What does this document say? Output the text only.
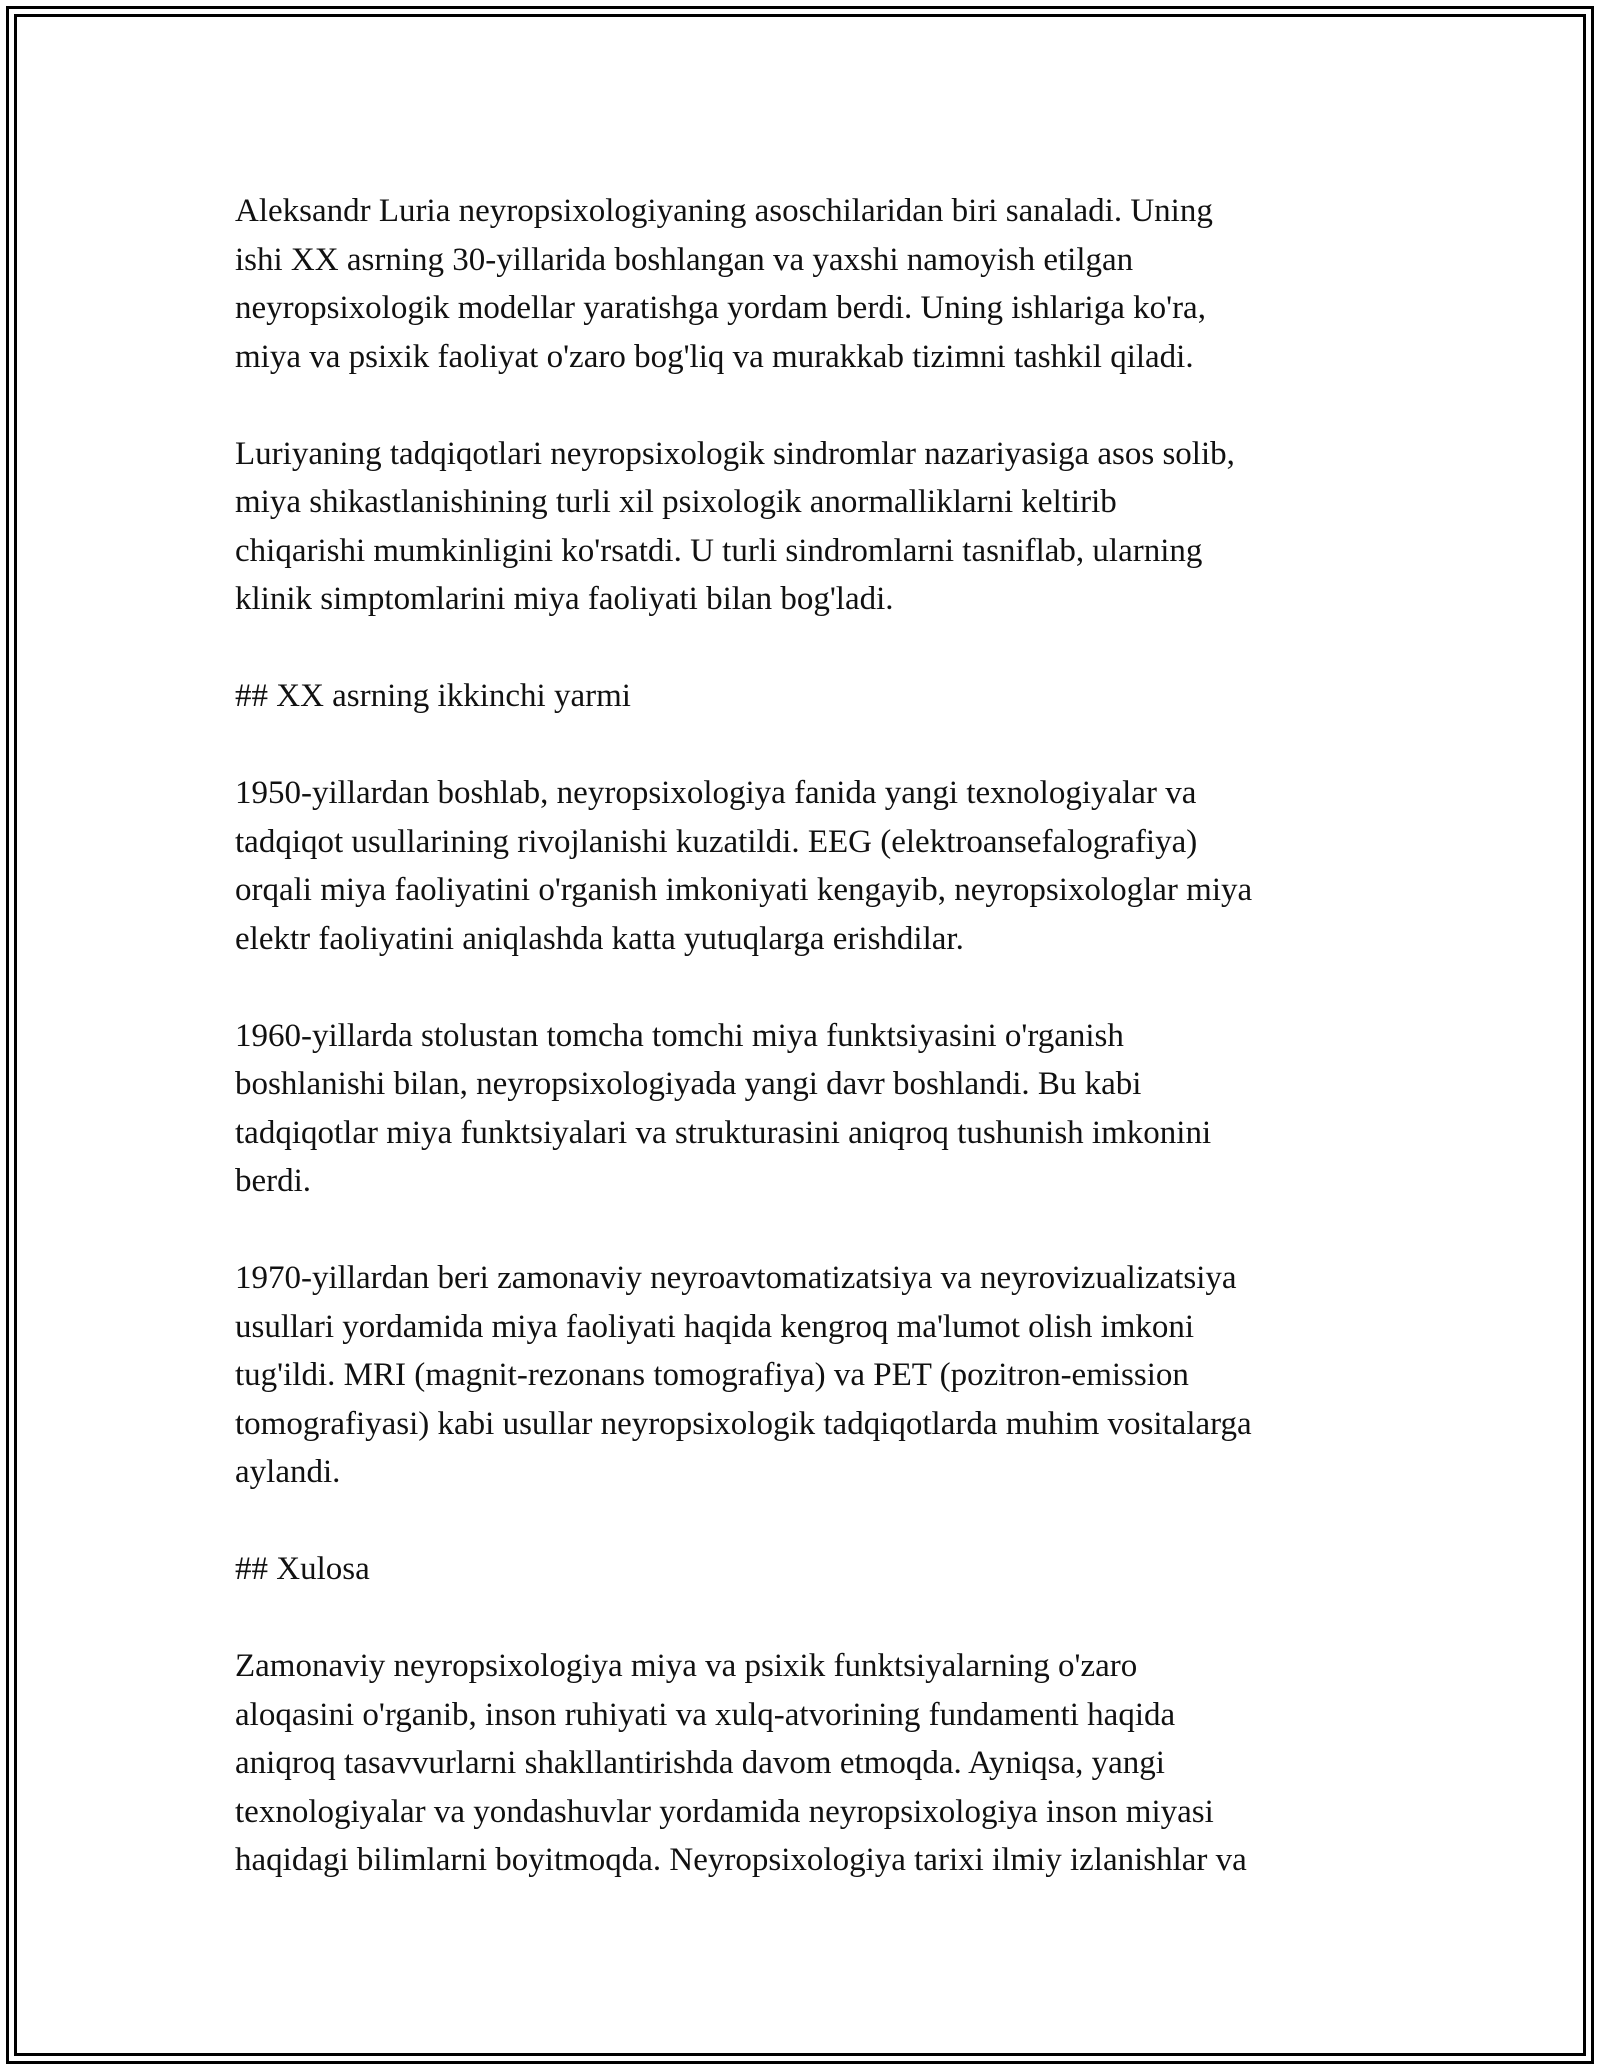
Aleksandr Luria neyropsixologiyaning asoschilaridan biri sanaladi. Uning
ishi XX asrning 30-yillarida boshlangan va yaxshi namoyish etilgan
neyropsixologik modellar yaratishga yordam berdi. Uning ishlariga ko'ra,
miya va psixik faoliyat o'zaro bog'liq va murakkab tizimni tashkil qiladi.

Luriyaning tadqiqotlari neyropsixologik sindromlar nazariyasiga asos solib,
miya shikastlanishining turli xil psixologik anormalliklarni keltirib
chiqarishi mumkinligini ko'rsatdi. U turli sindromlarni tasniflab, ularning
klinik simptomlarini miya faoliyati bilan bog'ladi.

## XX asrning ikkinchi yarmi

1950-yillardan boshlab, neyropsixologiya fanida yangi texnologiyalar va
tadqiqot usullarining rivojlanishi kuzatildi. EEG (elektroansefalografiya)
orqali miya faoliyatini o'rganish imkoniyati kengayib, neyropsixologlar miya
elektr faoliyatini aniqlashda katta yutuqlarga erishdilar.

1960-yillarda stolustan tomcha tomchi miya funktsiyasini o'rganish
boshlanishi bilan, neyropsixologiyada yangi davr boshlandi. Bu kabi
tadqiqotlar miya funktsiyalari va strukturasini aniqroq tushunish imkonini
berdi.

1970-yillardan beri zamonaviy neyroavtomatizatsiya va neyrovizualizatsiya
usullari yordamida miya faoliyati haqida kengroq ma'lumot olish imkoni
tug'ildi. MRI (magnit-rezonans tomografiya) va PET (pozitron-emission
tomografiyasi) kabi usullar neyropsixologik tadqiqotlarda muhim vositalarga
aylandi.

## Xulosa

Zamonaviy neyropsixologiya miya va psixik funktsiyalarning o'zaro
aloqasini o'rganib, inson ruhiyati va xulq-atvorining fundamenti haqida
aniqroq tasavvurlarni shakllantirishda davom etmoqda. Ayniqsa, yangi
texnologiyalar va yondashuvlar yordamida neyropsixologiya inson miyasi
haqidagi bilimlarni boyitmoqda. Neyropsixologiya tarixi ilmiy izlanishlar va
